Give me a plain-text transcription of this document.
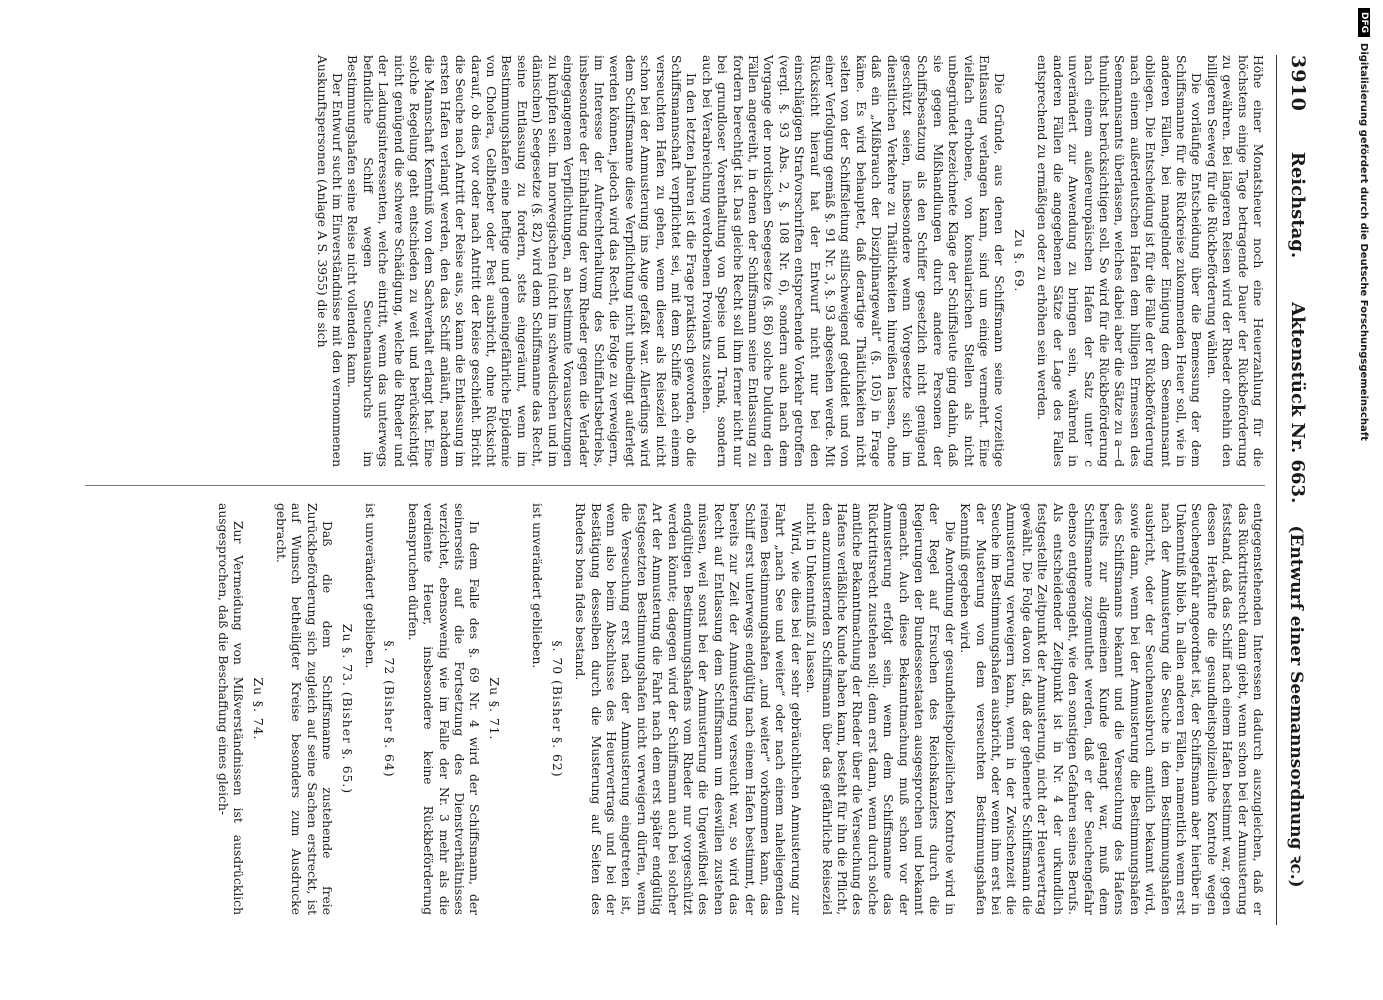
3910
Reichstag.
Aktenstück Nr. 663.
(Entwurf einer Seemannsordnung ꝛc.)

Höhe einer Monatsheuer noch eine Heuerzahlung für die höchstens einige Tage betragende Dauer der Rückbeförderung zu gewähren. Bei längeren Reisen wird der Rheder ohnehin den billigeren Seeweg für die Rückbeförderung wählen.

Die vorläufige Entscheidung über die Bemessung der dem Schiffsmanne für die Rückreise zukommenden Heuer soll, wie in anderen Fällen, bei mangelnder Einigung dem Seemannsamt obliegen. Die Entscheidung ist für die Fälle der Rückbeförderung nach einem außerdeutschen Hafen dem billigen Ermessen des Seemannsamts überlassen, welches dabei aber die Sätze zu a—d thunlichst berücksichtigen soll. So wird für die Rückbeförderung nach einem außereuropäischen Hafen der Satz unter c unverändert zur Anwendung zu bringen sein, während in anderen Fällen die angegebenen Sätze der Lage des Falles entsprechend zu ermäßigen oder zu erhöhen sein werden.

Zu §. 69.

Die Gründe, aus denen der Schiffsmann seine vorzeitige Entlassung verlangen kann, sind um einige vermehrt. Eine vielfach erhobene, von konsularischen Stellen als nicht unbegründet bezeichnete Klage der Schiffsleute ging dahin, daß sie gegen Mißhandlungen durch andere Personen der Schiffsbesatzung als den Schiffer gesetzlich nicht genügend geschützt seien, insbesondere wenn Vorgesetzte sich im dienstlichen Verkehre zu Thätlichkeiten hinreißen lassen, ohne daß ein „Mißbrauch der Disziplinargewalt“ (§. 105) in Frage käme. Es wird behauptet, daß derartige Thätlichkeiten nicht selten von der Schiffsleitung stillschweigend geduldet und von einer Verfolgung gemäß §. 91 Nr. 3, §. 93 abgesehen werde. Mit Rücksicht hierauf hat der Entwurf nicht nur bei den einschlägigen Strafvorschriften entsprechende Vorkehr getroffen (vergl. §. 93 Abs. 2, §. 108 Nr. 6), sondern auch nach dem Vorgange der nordischen Seegesetze (§. 86) solche Duldung den Fällen angereiht, in denen der Schiffsmann seine Entlassung zu fordern berechtigt ist. Das gleiche Recht soll ihm ferner nicht nur bei grundloser Vorenthaltung von Speise und Trank, sondern auch bei Verabreichung verdorbenen Proviants zustehen.

In den letzten Jahren ist die Frage praktisch geworden, ob die Schiffsmannschaft verpflichtet sei, mit dem Schiffe nach einem verseuchten Hafen zu gehen, wenn dieser als Reiseziel nicht schon bei der Anmusterung ins Auge gefaßt war. Allerdings wird dem Schiffsmanne diese Verpflichtung nicht unbedingt auferlegt werden können, jedoch wird das Recht, die Folge zu verweigern, im Interesse der Aufrechterhaltung des Schiffahrtsbetriebs, insbesondere der Einhaltung der vom Rheder gegen die Verlader eingegangenen Verpflichtungen, an bestimmte Voraussetzungen zu knüpfen sein. Im norwegischen (nicht im schwedischen und im dänischen) Seegesetze (§. 82) wird dem Schiffsmanne das Recht, seine Entlassung zu fordern, stets eingeräumt, wenn im Bestimmungshafen eine heftige und gemeingefährliche Epidemie von Cholera, Gelbfieber oder Pest ausbricht, ohne Rücksicht darauf, ob dies vor oder nach Antritt der Reise geschieht. Bricht die Seuche nach Antritt der Reise aus, so kann die Entlassung im ersten Hafen verlangt werden, den das Schiff anläuft, nachdem die Mannschaft Kenntniß von dem Sachverhalt erlangt hat. Eine solche Regelung geht entschieden zu weit und berücksichtigt nicht genügend die schwere Schädigung, welche die Rheder und der Ladungsinteressenten, welche eintritt, wenn das unterwegs befindliche Schiff wegen Seuchenausbruchs im Bestimmungshafen seine Reise nicht vollenden kann.

Der Entwurf sucht im Einverständnisse mit den vernommenen Auskunftspersonen (Anlage A S. 3955) die sich

entgegenstehenden Interessen dadurch auszugleichen, daß er das Rücktrittsrecht dann giebt, wenn schon bei der Anmusterung feststand, daß das Schiff nach einem Hafen bestimmt war, gegen dessen Herkünfte die gesundheitspolizeiliche Kontrole wegen Seuchengefahr angeordnet ist, der Schiffsmann aber hierüber in Unkenntniß blieb. In allen anderen Fällen, namentlich wenn erst nach der Anmusterung die Seuche in dem Bestimmungshafen ausbricht, oder der Seuchenausbruch amtlich bekannt wird, sowie dann, wenn bei der Anmusterung die Bestimmungshafen des Schiffsmanns bekannt und die Verseuchung des Hafens bereits zur allgemeinen Kunde gelangt war, muß dem Schiffsmanne zugemuthet werden, daß er der Seuchengefahr ebenso entgegengeht, wie den sonstigen Gefahren seines Berufs. Als entscheidender Zeitpunkt ist in Nr. 4 der urkundlich festgestellte Zeitpunkt der Anmusterung, nicht der Heuervertrag gewählt. Die Folge davon ist, daß der gehenerte Schiffsmann die Anmusterung verweigern kann, wenn in der Zwischenzeit die Seuche im Bestimmungshafen ausbricht, oder wenn ihm erst bei der Musterung von dem verseuchten Bestimmungshafen Kenntniß gegeben wird.

Die Anordnung der gesundheitspolizeilichen Kontrole wird in der Regel auf Ersuchen des Reichskanzlers durch die Regierungen der Bundesseestaaten ausgesprochen und bekannt gemacht. Auch diese Bekanntmachung muß schon vor der Anmusterung erfolgt sein, wenn dem Schiffsmanne das Rücktrittsrecht zustehen soll; denn erst dann, wenn durch solche amtliche Bekanntmachung der Rheder über die Verseuchung des Hafens verläßliche Kunde haben kann, besteht für ihn die Pflicht, den anzumusternden Schiffsmann über das gefährliche Reiseziel nicht in Unkenntniß zu lassen.

Wird, wie dies bei der sehr gebräuchlichen Anmusterung zur Fahrt „nach See und weiter“ oder nach einem naheliegenden reinen Bestimmungshafen „und weiter“ vorkommen kann, das Schiff erst unterwegs endgültig nach einem Hafen bestimmt, der bereits zur Zeit der Anmusterung verseucht war, so wird das Recht auf Entlassung dem Schiffsmann um deswillen zustehen müssen, weil sonst bei der Anmusterung die Ungewißheit des endgültigen Bestimmungshafens vom Rheder nur vorgeschützt werden könnte; dagegen wird der Schiffsmann auch bei solcher Art der Anmusterung die Fahrt nach dem erst später endgültig festgesetzten Bestimmungshafen nicht verweigern dürfen, wenn die Verseuchung erst nach der Anmusterung eingetreten ist, wenn also beim Abschlusse des Heuervertrags und bei der Bestätigung desselben durch die Musterung auf Seiten des Rheders bona fides bestand.

§. 70 (Bisher §. 62)

ist unverändert geblieben.

Zu §. 71.

In dem Falle des §. 69 Nr. 4 wird der Schiffsmann, der seinerseits auf die Fortsetzung des Dienstverhältnisses verzichtet, ebensowenig wie im Falle der Nr. 3 mehr als die verdiente Heuer, insbesondere keine Rückbeförderung beanspruchen dürfen.

§. 72 (Bisher §. 64)

ist unverändert geblieben.

Zu §. 73. (Bisher §. 65.)

Daß die dem Schiffsmanne zustehende freie Zurückbeförderung sich zugleich auf seine Sachen erstreckt, ist auf Wunsch betheiligter Kreise besonders zum Ausdrucke gebracht.

Zu §. 74.

Zur Vermeidung von Mißverständnissen ist ausdrücklich ausgesprochen, daß die Beschaffung eines gleich-

DFG
Digitalisierung gefördert durch die Deutsche Forschungsgemeinschaft
